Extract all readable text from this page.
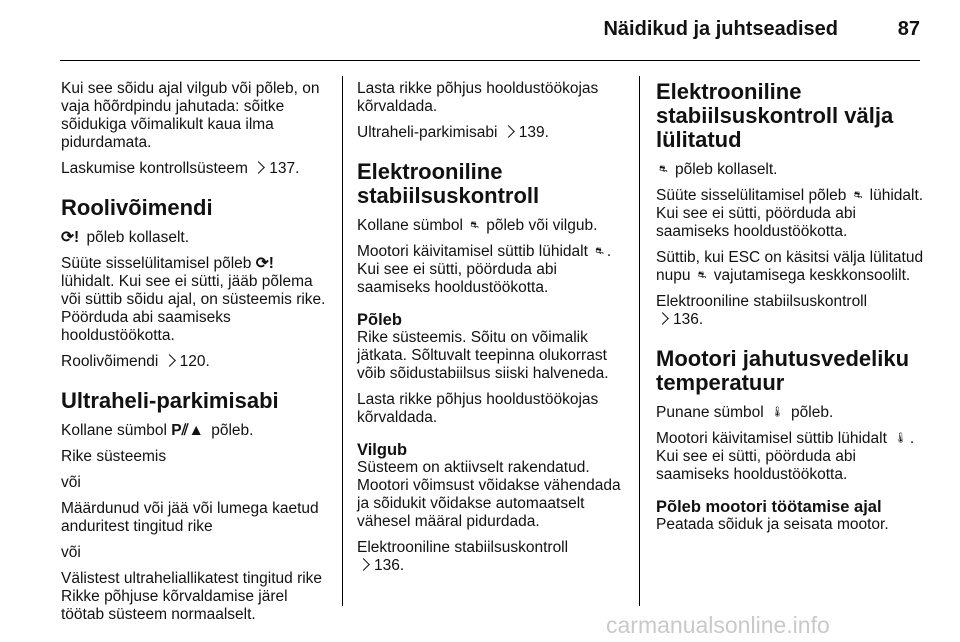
Näidikud ja juhtseadised	87

Kui see sõidu ajal vilgub või põleb, on vaja hõõrdpindu jahutada: sõitke sõidukiga võimalikult kaua ilma pidurdamata.

Laskumise kontrollsüsteem 137.

Roolivõimendi

⟳! põleb kollaselt.

Süüte sisselülitamisel põleb ⟳! lühidalt. Kui see ei sütti, jääb põlema või süttib sõidu ajal, on süsteemis rike. Pöörduda abi saamiseks hooldustöökotta.

Roolivõimendi 120.

Ultraheli-parkimisabi

Kollane sümbol P⫽▲ põleb.

Rike süsteemis

või

Määrdunud või jää või lumega kaetud anduritest tingitud rike

või

Välistest ultraheliallikatest tingitud rike Rikke põhjuse kõrvaldamise järel töötab süsteem normaalselt.

Lasta rikke põhjus hooldustöökojas kõrvaldada.

Ultraheli-parkimisabi 139.

Elektrooniline stabiilsuskontroll

Kollane sümbol ⛐ põleb või vilgub.

Mootori käivitamisel süttib lühidalt ⛐ . Kui see ei sütti, pöörduda abi saamiseks hooldustöökotta.

Põleb

Rike süsteemis. Sõitu on võimalik jätkata. Sõltuvalt teepinna olukorrast võib sõidustabiilsus siiski halveneda.

Lasta rikke põhjus hooldustöökojas kõrvaldada.

Vilgub

Süsteem on aktiivselt rakendatud. Mootori võimsust võidakse vähendada ja sõidukit võidakse automaatselt vähesel määral pidurdada.

Elektrooniline stabiilsuskontroll
136.

Elektrooniline stabiilsuskontroll välja lülitatud

⛐ põleb kollaselt.

Süüte sisselülitamisel põleb ⛐ lühidalt. Kui see ei sütti, pöörduda abi saamiseks hooldustöökotta.

Süttib, kui ESC on käsitsi välja lülitatud nupu ⛐ vajutamisega keskkonsoolilt.

Elektrooniline stabiilsuskontroll
136.

Mootori jahutusvedeliku temperatuur

Punane sümbol 🌡 põleb.

Mootori käivitamisel süttib lühidalt 🌡 . Kui see ei sütti, pöörduda abi saamiseks hooldustöökotta.

Põleb mootori töötamise ajal

Peatada sõiduk ja seisata mootor.

carmanualsonline.info
